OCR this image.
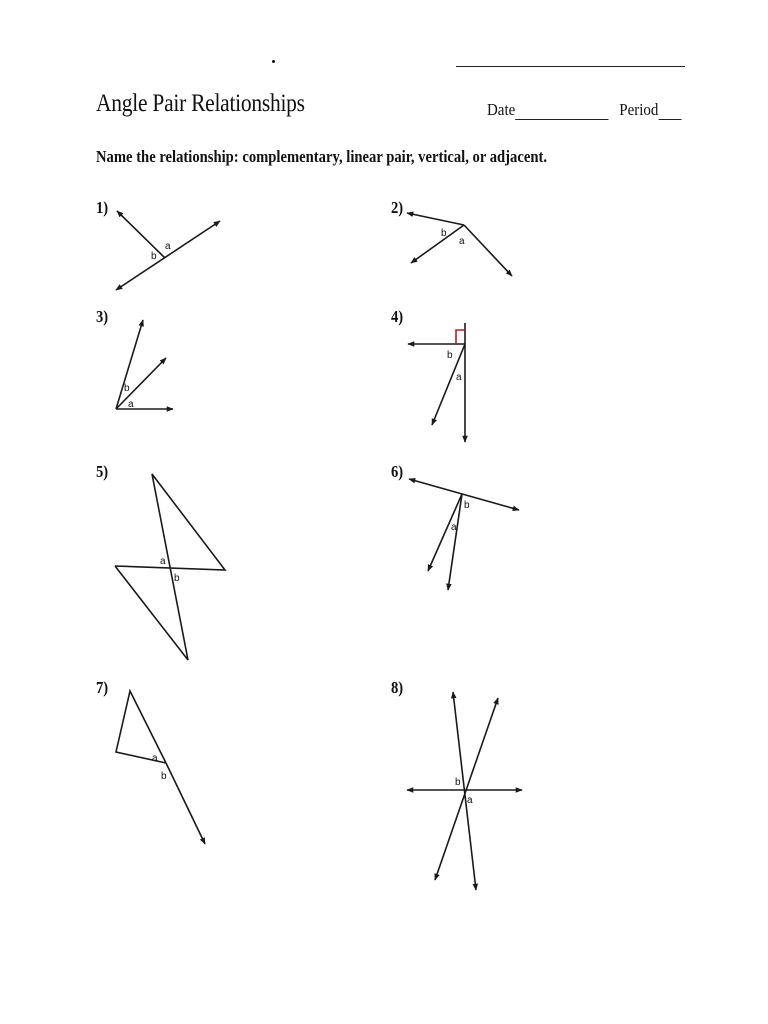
Angle Pair Relationships	Date	Period
Name the relationship: complementary, linear pair, vertical, or adjacent.
1)	2)
3)	4)
5)	6)
7)	8)
a
b
b
a
b
a
b
a
a
b
b
a
a
b
b
a
